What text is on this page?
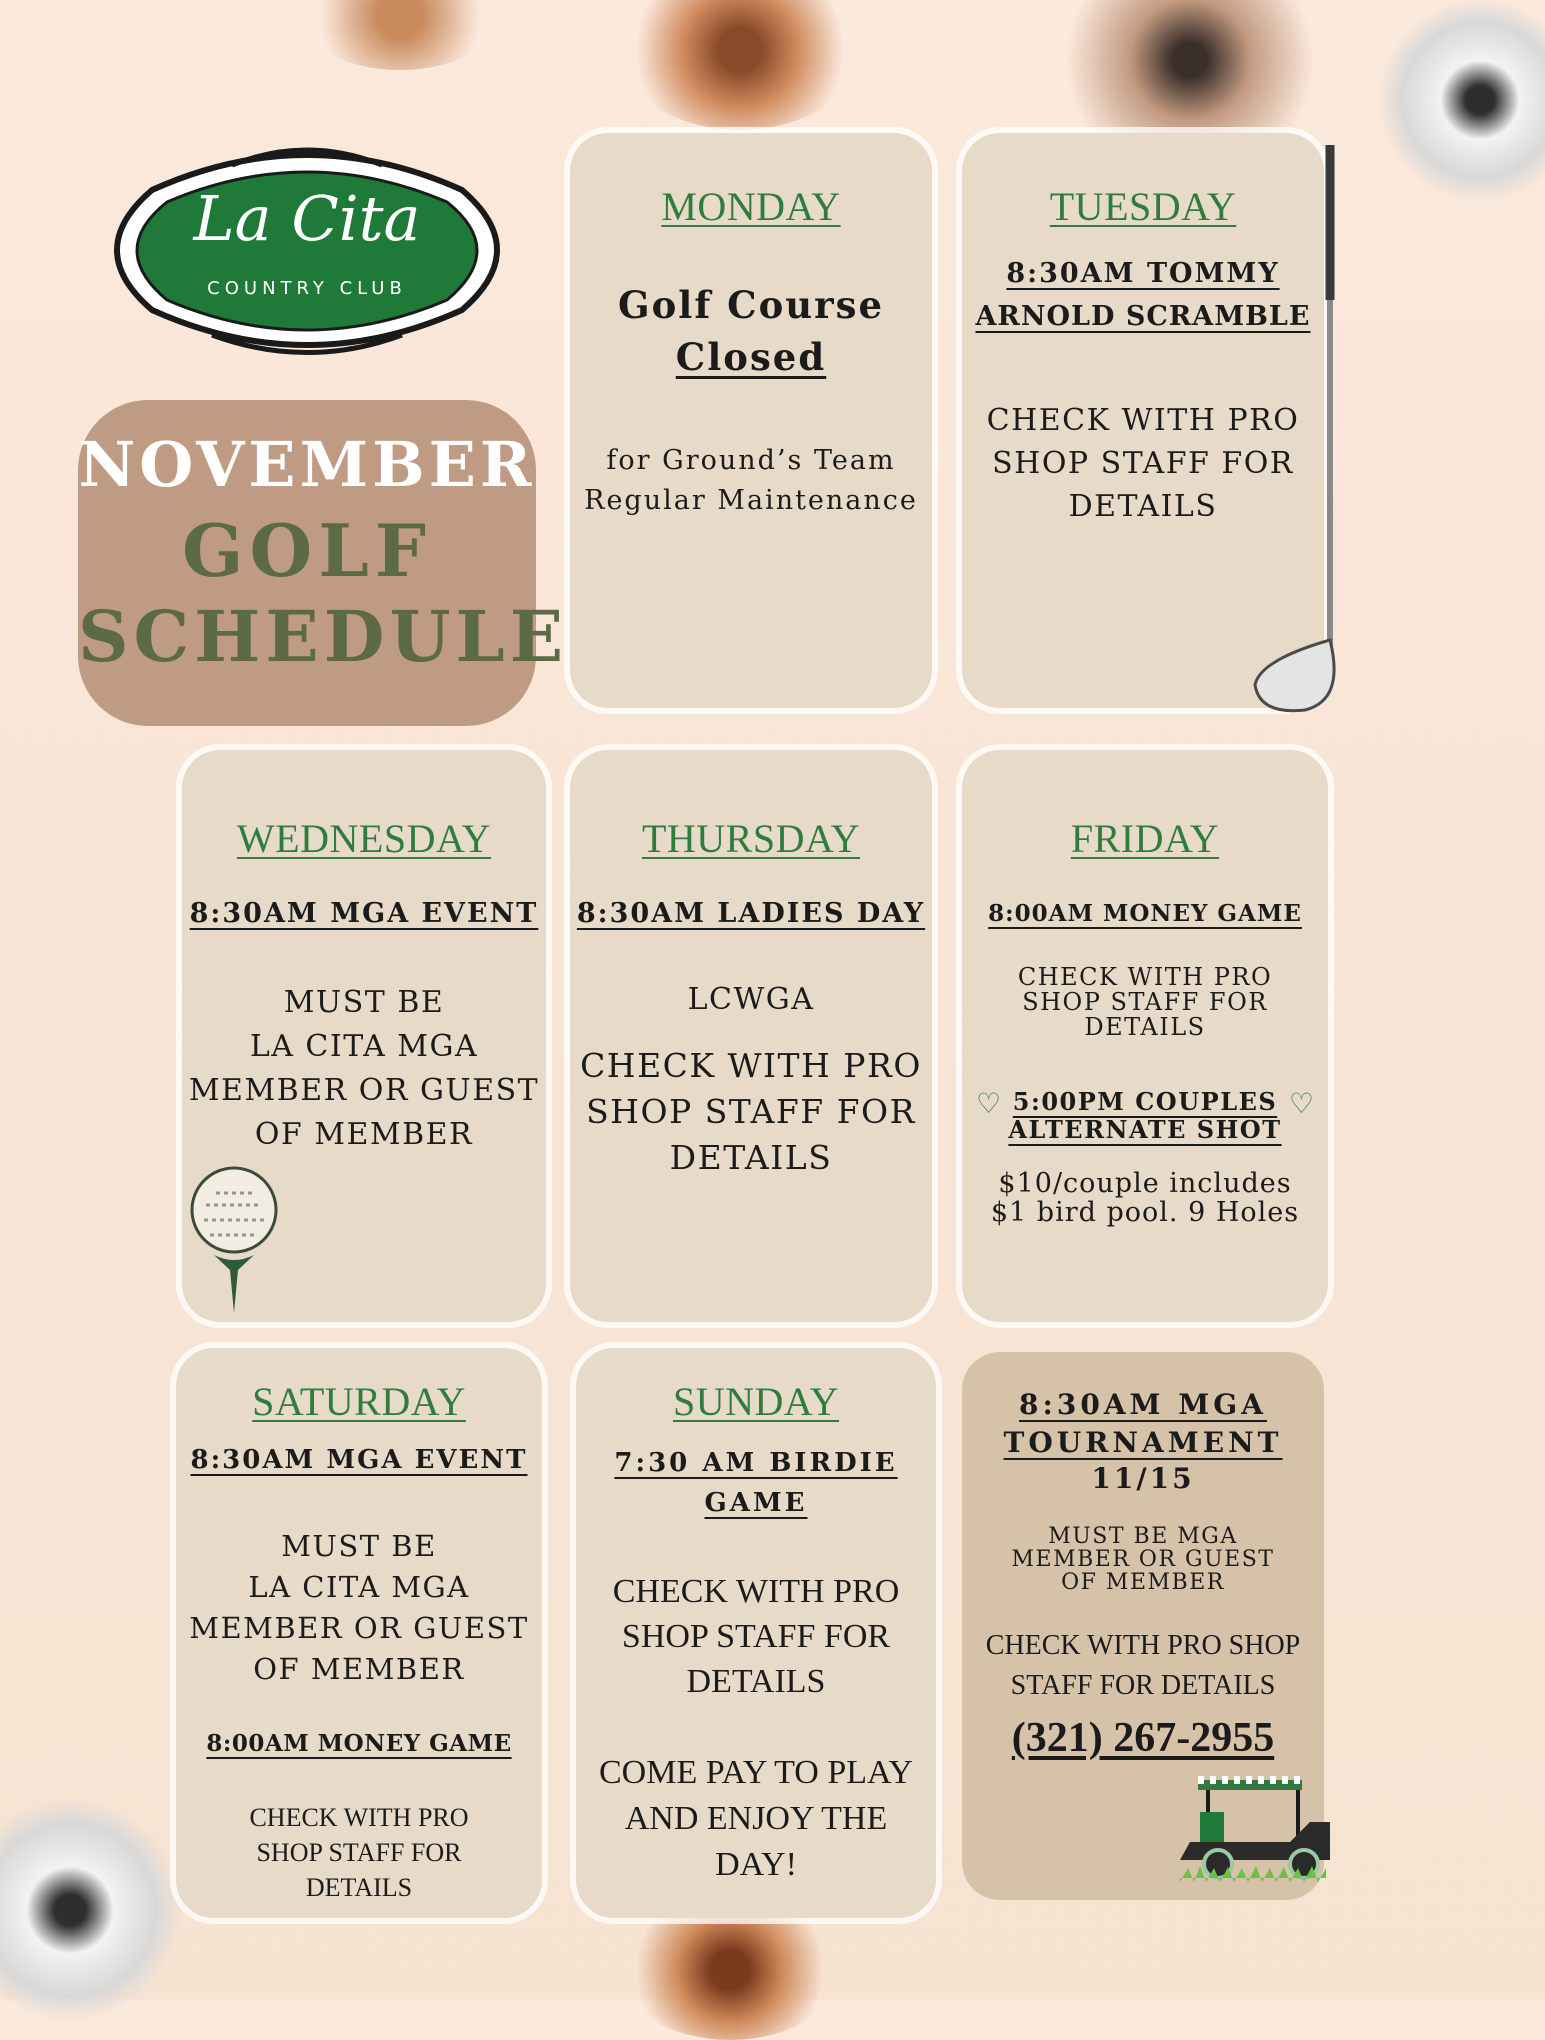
La Cita
COUNTRY CLUB
NOVEMBER
GOLF
SCHEDULE
MONDAY
Golf Course
Closed
for Ground’s Team
Regular Maintenance
TUESDAY
8:30AM TOMMY
ARNOLD SCRAMBLE
CHECK WITH PRO
SHOP STAFF FOR
DETAILS
WEDNESDAY
8:30AM MGA EVENT
MUST BE
LA CITA MGA
MEMBER OR GUEST
OF MEMBER
THURSDAY
8:30AM LADIES DAY
LCWGA
CHECK WITH PRO
SHOP STAFF FOR
DETAILS
FRIDAY
8:00AM MONEY GAME
CHECK WITH PRO
SHOP STAFF FOR
DETAILS
♡	♡
5:00PM COUPLES
ALTERNATE SHOT
$10/couple includes
$1 bird pool. 9 Holes
SATURDAY
8:30AM MGA EVENT
MUST BE
LA CITA MGA
MEMBER OR GUEST
OF MEMBER
8:00AM MONEY GAME
CHECK WITH PRO
SHOP STAFF FOR
DETAILS
SUNDAY
7:30 AM BIRDIE
GAME
CHECK WITH PRO
SHOP STAFF FOR
DETAILS
COME PAY TO PLAY
AND ENJOY THE
DAY!
8:30AM MGA
TOURNAMENT
11/15
MUST BE MGA
MEMBER OR GUEST
OF MEMBER
CHECK WITH PRO SHOP
STAFF FOR DETAILS
(321) 267-2955
